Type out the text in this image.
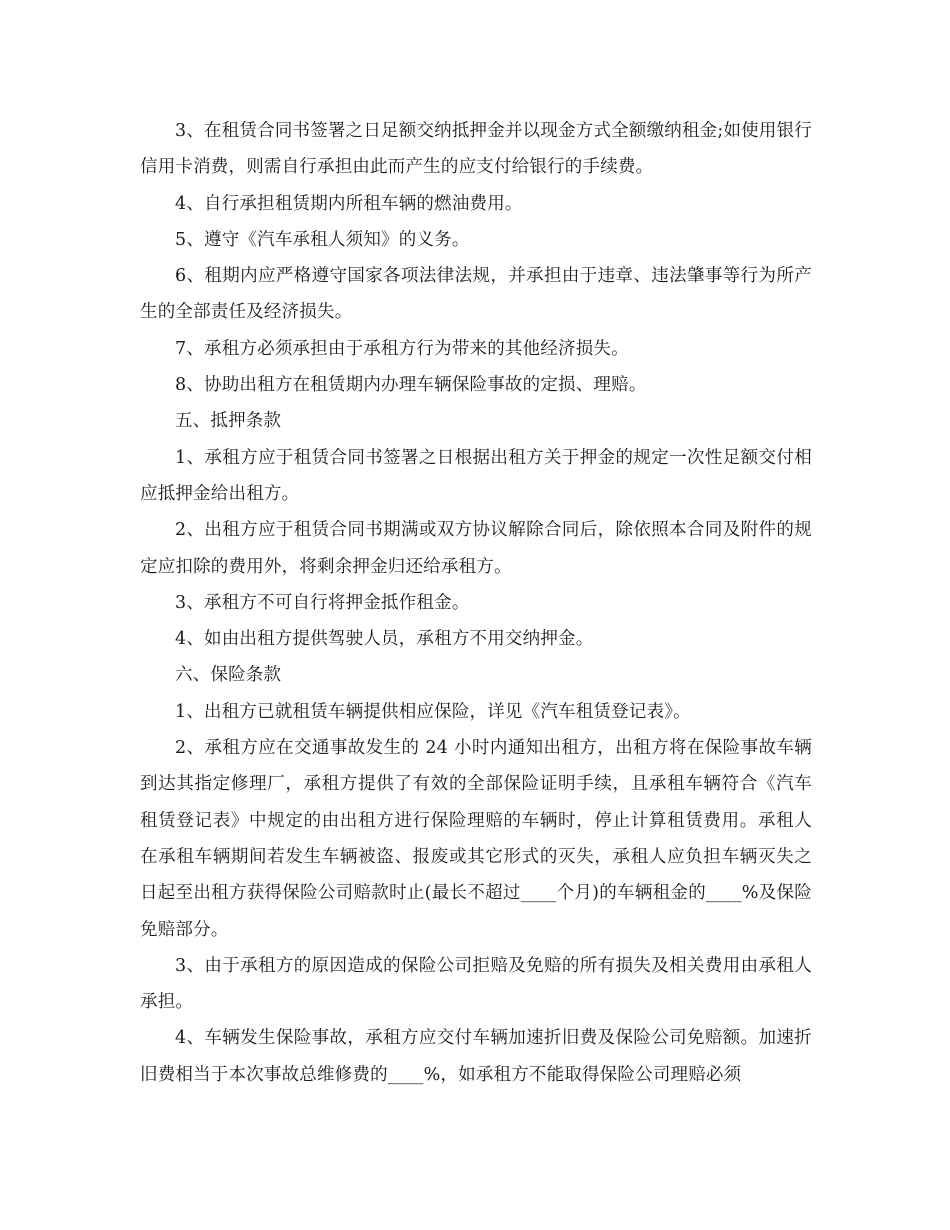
3、在租赁合同书签署之日足额交纳抵押金并以现金方式全额缴纳租金;如使用银行信用卡消费，则需自行承担由此而产生的应支付给银行的手续费。

4、自行承担租赁期内所租车辆的燃油费用。

5、遵守《汽车承租人须知》的义务。

6、租期内应严格遵守国家各项法律法规，并承担由于违章、违法肇事等行为所产生的全部责任及经济损失。

7、承租方必须承担由于承租方行为带来的其他经济损失。

8、协助出租方在租赁期内办理车辆保险事故的定损、理赔。

五、抵押条款

1、承租方应于租赁合同书签署之日根据出租方关于押金的规定一次性足额交付相应抵押金给出租方。

2、出租方应于租赁合同书期满或双方协议解除合同后，除依照本合同及附件的规定应扣除的费用外，将剩余押金归还给承租方。

3、承租方不可自行将押金抵作租金。

4、如由出租方提供驾驶人员，承租方不用交纳押金。

六、保险条款

1、出租方已就租赁车辆提供相应保险，详见《汽车租赁登记表》。

2、承租方应在交通事故发生的 24 小时内通知出租方，出租方将在保险事故车辆到达其指定修理厂，承租方提供了有效的全部保险证明手续，且承租车辆符合《汽车租赁登记表》中规定的由出租方进行保险理赔的车辆时，停止计算租赁费用。承租人在承租车辆期间若发生车辆被盗、报废或其它形式的灭失，承租人应负担车辆灭失之日起至出租方获得保险公司赔款时止(最长不超过____个月)的车辆租金的____%及保险免赔部分。

3、由于承租方的原因造成的保险公司拒赔及免赔的所有损失及相关费用由承租人承担。

4、车辆发生保险事故，承租方应交付车辆加速折旧费及保险公司免赔额。加速折旧费相当于本次事故总维修费的____%，如承租方不能取得保险公司理赔必须
